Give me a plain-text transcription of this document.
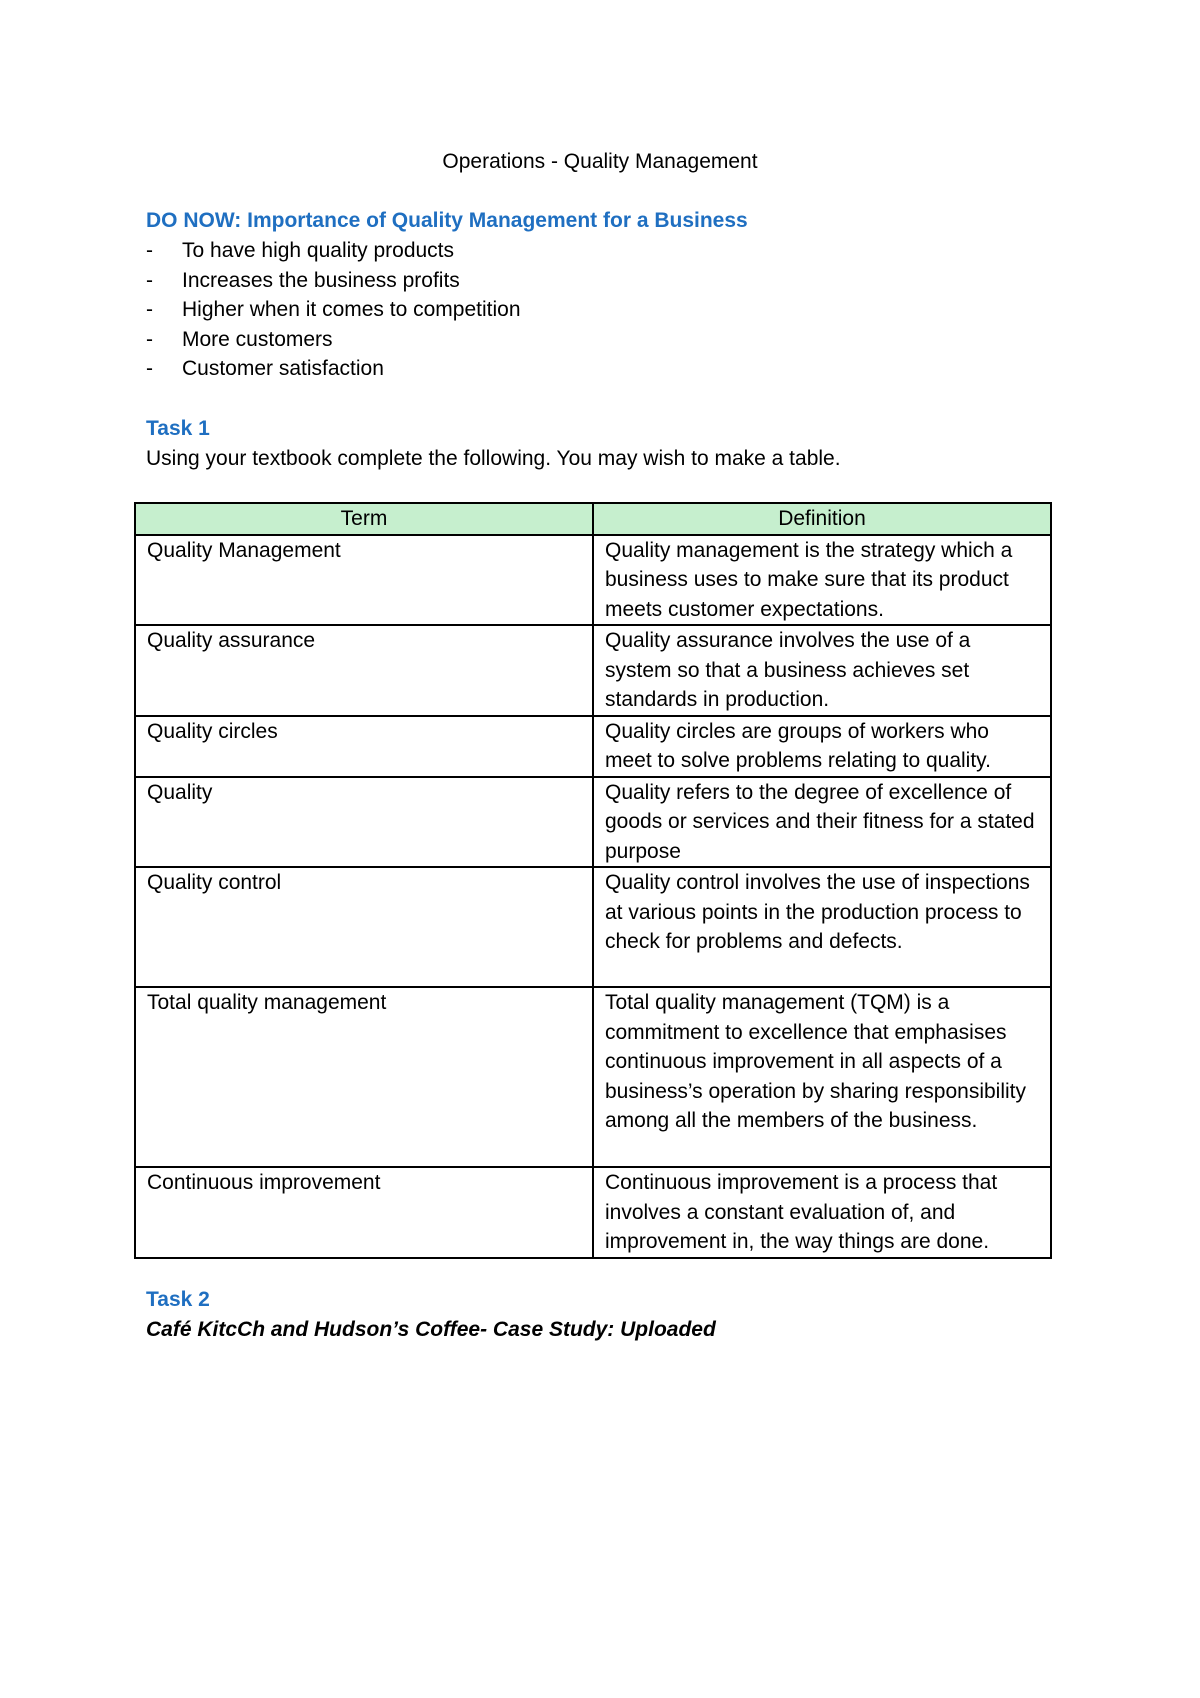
Operations - Quality Management
DO NOW: Importance of Quality Management for a Business
- To have high quality products
- Increases the business profits
- Higher when it comes to competition
- More customers
- Customer satisfaction
Task 1
Using your textbook complete the following. You may wish to make a table.
Term	Definition
Quality Management	Quality management is the strategy which a business uses to make sure that its product meets customer expectations.
Quality assurance	Quality assurance involves the use of a system so that a business achieves set standards in production.
Quality circles	Quality circles are groups of workers who meet to solve problems relating to quality.
Quality	Quality refers to the degree of excellence of goods or services and their fitness for a stated purpose
Quality control	Quality control involves the use of inspections at various points in the production process to check for problems and defects.
Total quality management	Total quality management (TQM) is a commitment to excellence that emphasises continuous improvement in all aspects of a business’s operation by sharing responsibility among all the members of the business.
Continuous improvement	Continuous improvement is a process that involves a constant evaluation of, and improvement in, the way things are done.
Task 2
Café KitcCh and Hudson’s Coffee- Case Study: Uploaded
